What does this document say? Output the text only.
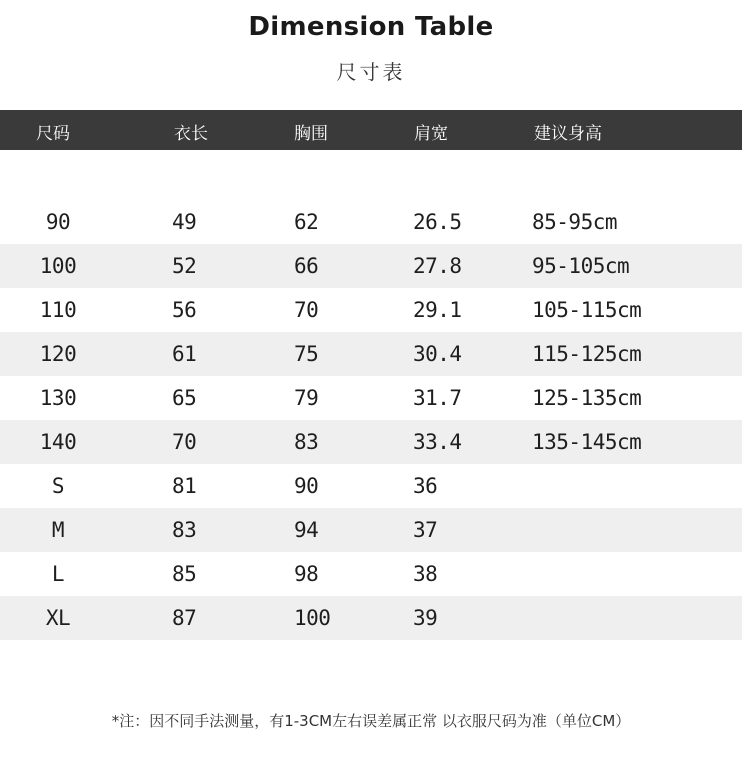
Dimension Table
尺寸表
尺码	衣长	胸围	肩宽	建议身高
90	49	62	26.5	85-95cm
100	52	66	27.8	95-105cm
110	56	70	29.1	105-115cm
120	61	75	30.4	115-125cm
130	65	79	31.7	125-135cm
140	70	83	33.4	135-145cm
S	81	90	36
M	83	94	37
L	85	98	38
XL	87	100	39
*注：因不同手法测量，有1-3CM左右误差属正常 以衣服尺码为准（单位CM）
